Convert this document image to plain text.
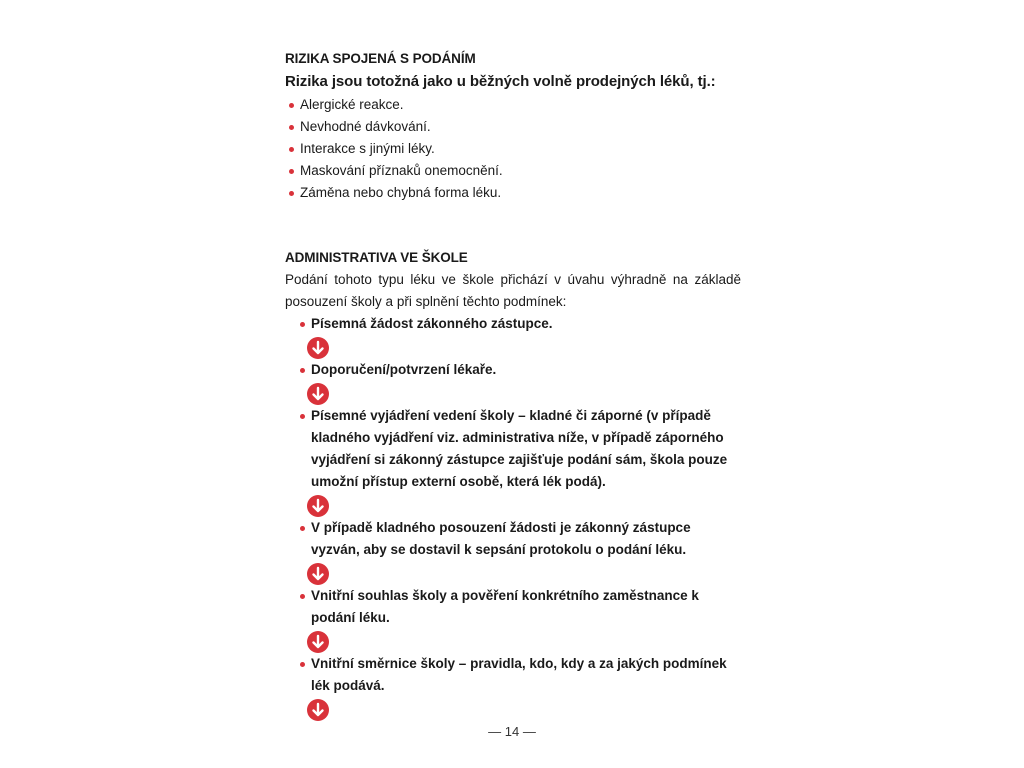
RIZIKA SPOJENÁ S PODÁNÍM

Rizika jsou totožná jako u běžných volně prodejných léků, tj.:

Alergické reakce.
Nevhodné dávkování.
Interakce s jinými léky.
Maskování příznaků onemocnění.
Záměna nebo chybná forma léku.
ADMINISTRATIVA VE ŠKOLE

Podání tohoto typu léku ve škole přichází v úvahu výhradně na základě posouzení školy a při splnění těchto podmínek:

Písemná žádost zákonného zástupce.
Doporučení/potvrzení lékaře.
Písemné vyjádření vedení školy – kladné či záporné (v případě kladného vyjádření viz. administrativa níže, v případě záporného vyjádření si zákonný zástupce zajišťuje podání sám, škola pouze umožní přístup externí osobě, která lék podá).
V případě kladného posouzení žádosti je zákonný zástupce vyzván, aby se dostavil k sepsání protokolu o podání léku.
Vnitřní souhlas školy a pověření konkrétního zaměstnance k podání léku.
Vnitřní směrnice školy – pravidla, kdo, kdy a za jakých podmínek lék podává.
— 14 —
